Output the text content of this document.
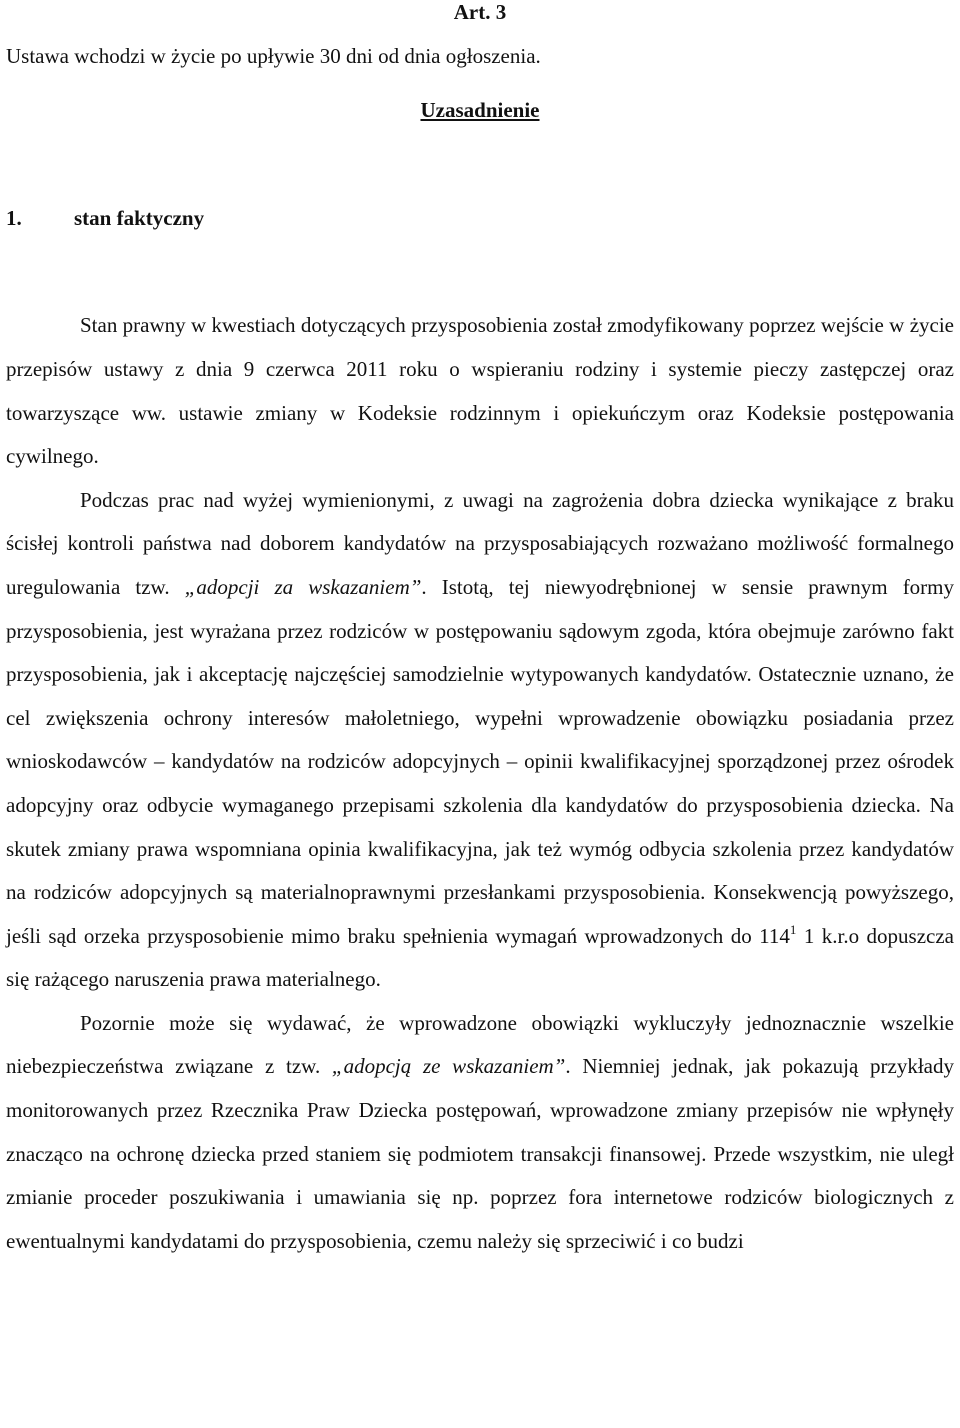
Art. 3

Ustawa wchodzi w życie po upływie 30 dni od dnia ogłoszenia.

Uzasadnienie

1. stan faktyczny

Stan prawny w kwestiach dotyczących przysposobienia został zmodyfikowany poprzez wejście w życie przepisów ustawy z dnia 9 czerwca 2011 roku o wspieraniu rodziny i systemie pieczy zastępczej oraz towarzyszące ww. ustawie zmiany w Kodeksie rodzinnym i opiekuńczym oraz Kodeksie postępowania cywilnego.

Podczas prac nad wyżej wymienionymi, z uwagi na zagrożenia dobra dziecka wynikające z braku ścisłej kontroli państwa nad doborem kandydatów na przysposabiających rozważano możliwość formalnego uregulowania tzw. „adopcji za wskazaniem”. Istotą, tej niewyodrębnionej w sensie prawnym formy przysposobienia, jest wyrażana przez rodziców w postępowaniu sądowym zgoda, która obejmuje zarówno fakt przysposobienia, jak i akceptację najczęściej samodzielnie wytypowanych kandydatów. Ostatecznie uznano, że cel zwiększenia ochrony interesów małoletniego, wypełni wprowadzenie obowiązku posiadania przez wnioskodawców – kandydatów na rodziców adopcyjnych – opinii kwalifikacyjnej sporządzonej przez ośrodek adopcyjny oraz odbycie wymaganego przepisami szkolenia dla kandydatów do przysposobienia dziecka. Na skutek zmiany prawa wspomniana opinia kwalifikacyjna, jak też wymóg odbycia szkolenia przez kandydatów na rodziców adopcyjnych są materialnoprawnymi przesłankami przysposobienia. Konsekwencją powyższego, jeśli sąd orzeka przysposobienie mimo braku spełnienia wymagań wprowadzonych do $114^1$ 1 k.r.o dopuszcza się rażącego naruszenia prawa materialnego.

Pozornie może się wydawać, że wprowadzone obowiązki wykluczyły jednoznacznie wszelkie niebezpieczeństwa związane z tzw. „adopcją ze wskazaniem”. Niemniej jednak, jak pokazują przykłady monitorowanych przez Rzecznika Praw Dziecka postępowań, wprowadzone zmiany przepisów nie wpłynęły znacząco na ochronę dziecka przed staniem się podmiotem transakcji finansowej. Przede wszystkim, nie uległ zmianie proceder poszukiwania i umawiania się np. poprzez fora internetowe rodziców biologicznych z ewentualnymi kandydatami do przysposobienia, czemu należy się sprzeciwić i co budzi
